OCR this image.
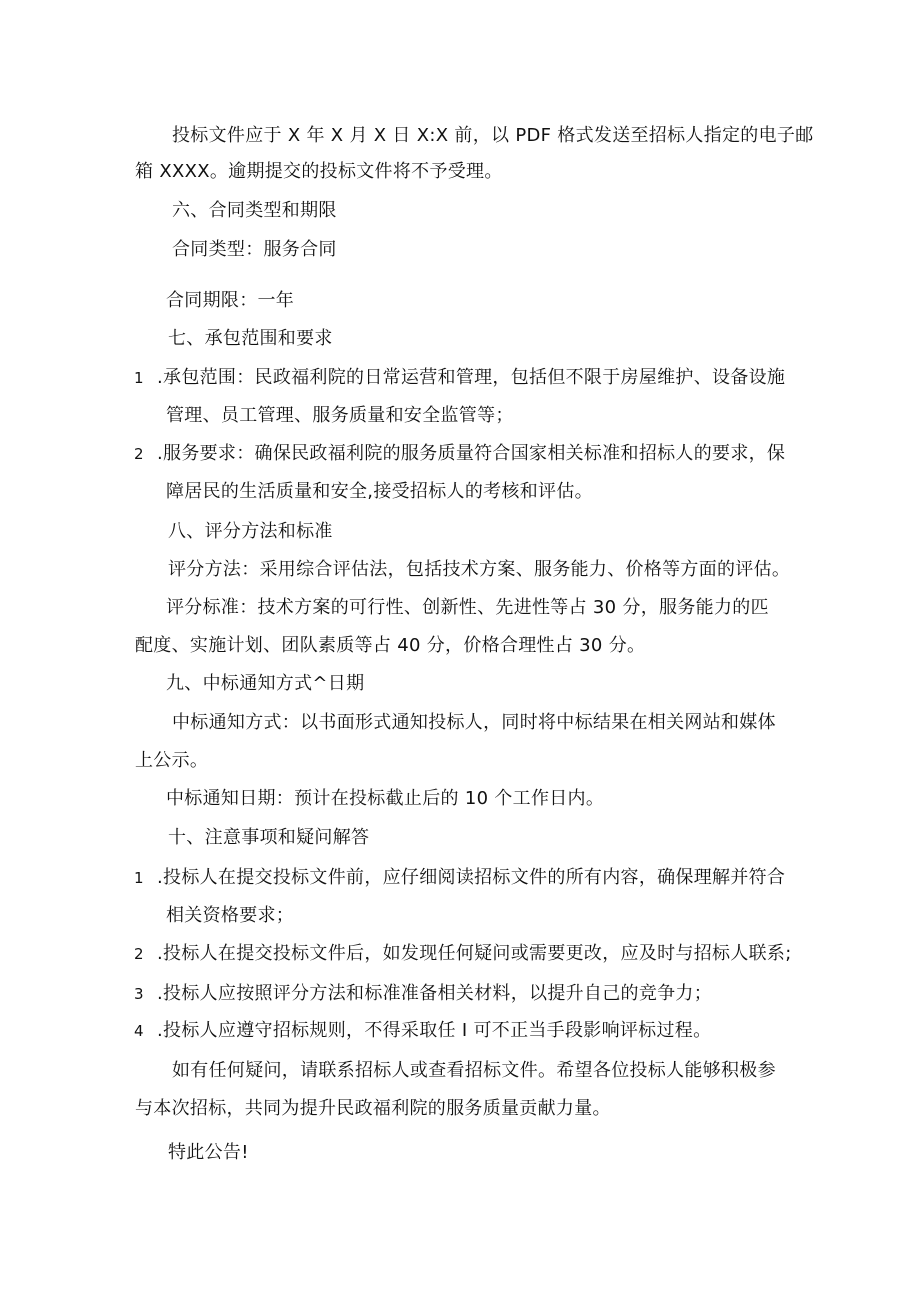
投标文件应于 X 年 X 月 X 日 X:X 前，以 PDF 格式发送至招标人指定的电子邮
箱 XXXX。逾期提交的投标文件将不予受理。
六、合同类型和期限
合同类型：服务合同
合同期限：一年
七、承包范围和要求
1 .承包范围：民政福利院的日常运营和管理，包括但不限于房屋维护、设备设施
管理、员工管理、服务质量和安全监管等；
2 .服务要求：确保民政福利院的服务质量符合国家相关标准和招标人的要求，保
障居民的生活质量和安全,接受招标人的考核和评估。
八、评分方法和标准
评分方法：采用综合评估法，包括技术方案、服务能力、价格等方面的评估。
评分标准：技术方案的可行性、创新性、先进性等占 30 分，服务能力的匹
配度、实施计划、团队素质等占 40 分，价格合理性占 30 分。
九、中标通知方式^日期
中标通知方式：以书面形式通知投标人，同时将中标结果在相关网站和媒体
上公示。
中标通知日期：预计在投标截止后的 10 个工作日内。
十、注意事项和疑问解答
1 .投标人在提交投标文件前，应仔细阅读招标文件的所有内容，确保理解并符合
相关资格要求；
2 .投标人在提交投标文件后，如发现任何疑问或需要更改，应及时与招标人联系;
3 .投标人应按照评分方法和标准准备相关材料，以提升自己的竞争力；
4 .投标人应遵守招标规则，不得采取任 I 可不正当手段影响评标过程。
如有任何疑问，请联系招标人或查看招标文件。希望各位投标人能够积极参
与本次招标，共同为提升民政福利院的服务质量贡献力量。
特此公告!
